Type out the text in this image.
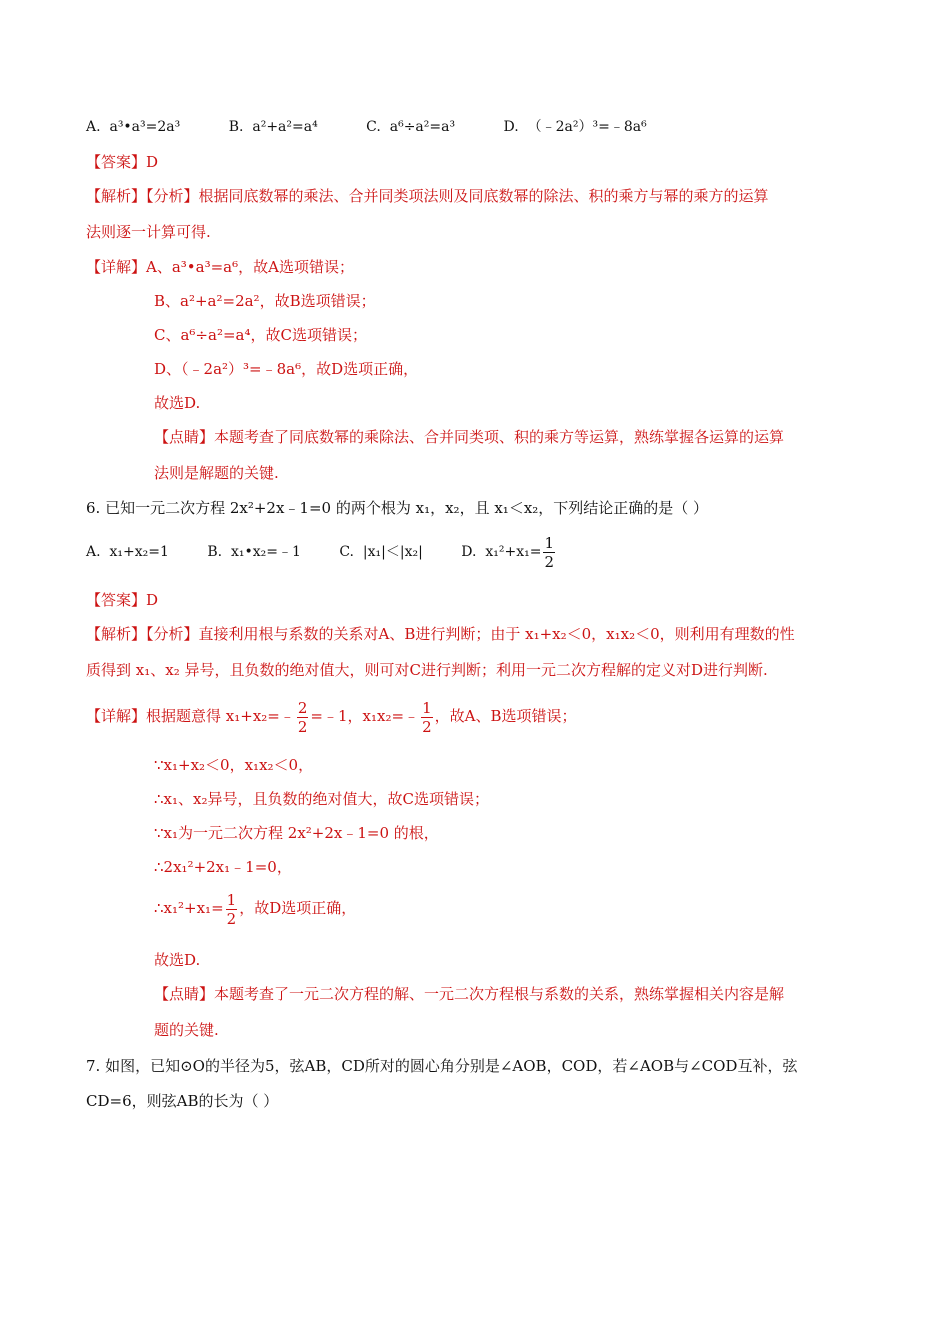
A. a³•a³=2a³	B. a²+a²=a⁴	C. a⁶÷a²=a³	D. （﹣2a²）³=﹣8a⁶
【答案】D
【解析】【分析】根据同底数幂的乘法、合并同类项法则及同底数幂的除法、积的乘方与幂的乘方的运算
法则逐一计算可得.
【详解】A、a³•a³=a⁶，故A选项错误；
B、a²+a²=2a²，故B选项错误；
C、a⁶÷a²=a⁴，故C选项错误；
D、（﹣2a²）³=﹣8a⁶，故D选项正确，
故选D.
【点睛】本题考查了同底数幂的乘除法、合并同类项、积的乘方等运算，熟练掌握各运算的运算
法则是解题的关键.
6. 已知一元二次方程 2x²+2x﹣1=0 的两个根为 x₁，x₂，且 x₁＜x₂，下列结论正确的是（ ）
A. x₁+x₂=1	B. x₁•x₂=﹣1	C. |x₁|＜|x₂|	D. $x_1^2+x_1= \frac{1}{2}$
【答案】D
【解析】【分析】直接利用根与系数的关系对A、B进行判断；由于 x₁+x₂＜0，x₁x₂＜0，则利用有理数的性
质得到 x₁、x₂ 异号，且负数的绝对值大，则可对C进行判断；利用一元二次方程解的定义对D进行判断.
【详解】根据题意得 x₁+x₂=﹣ $\frac{2}{2}$ =﹣1，x₁x₂=﹣ $\frac{1}{2}$ ，故A、B选项错误；
∵x₁+x₂＜0，x₁x₂＜0，
∴x₁、x₂异号，且负数的绝对值大，故C选项错误；
∵x₁为一元二次方程 2x²+2x﹣1=0 的根，
∴2x₁²+2x₁﹣1=0，
∴x₁²+x₁= $\frac{1}{2}$ ，故D选项正确，
故选D.
【点睛】本题考查了一元二次方程的解、一元二次方程根与系数的关系，熟练掌握相关内容是解
题的关键.
7. 如图，已知⊙O的半径为5，弦AB，CD所对的圆心角分别是∠AOB，COD，若∠AOB与∠COD互补，弦
CD=6，则弦AB的长为（ ）
